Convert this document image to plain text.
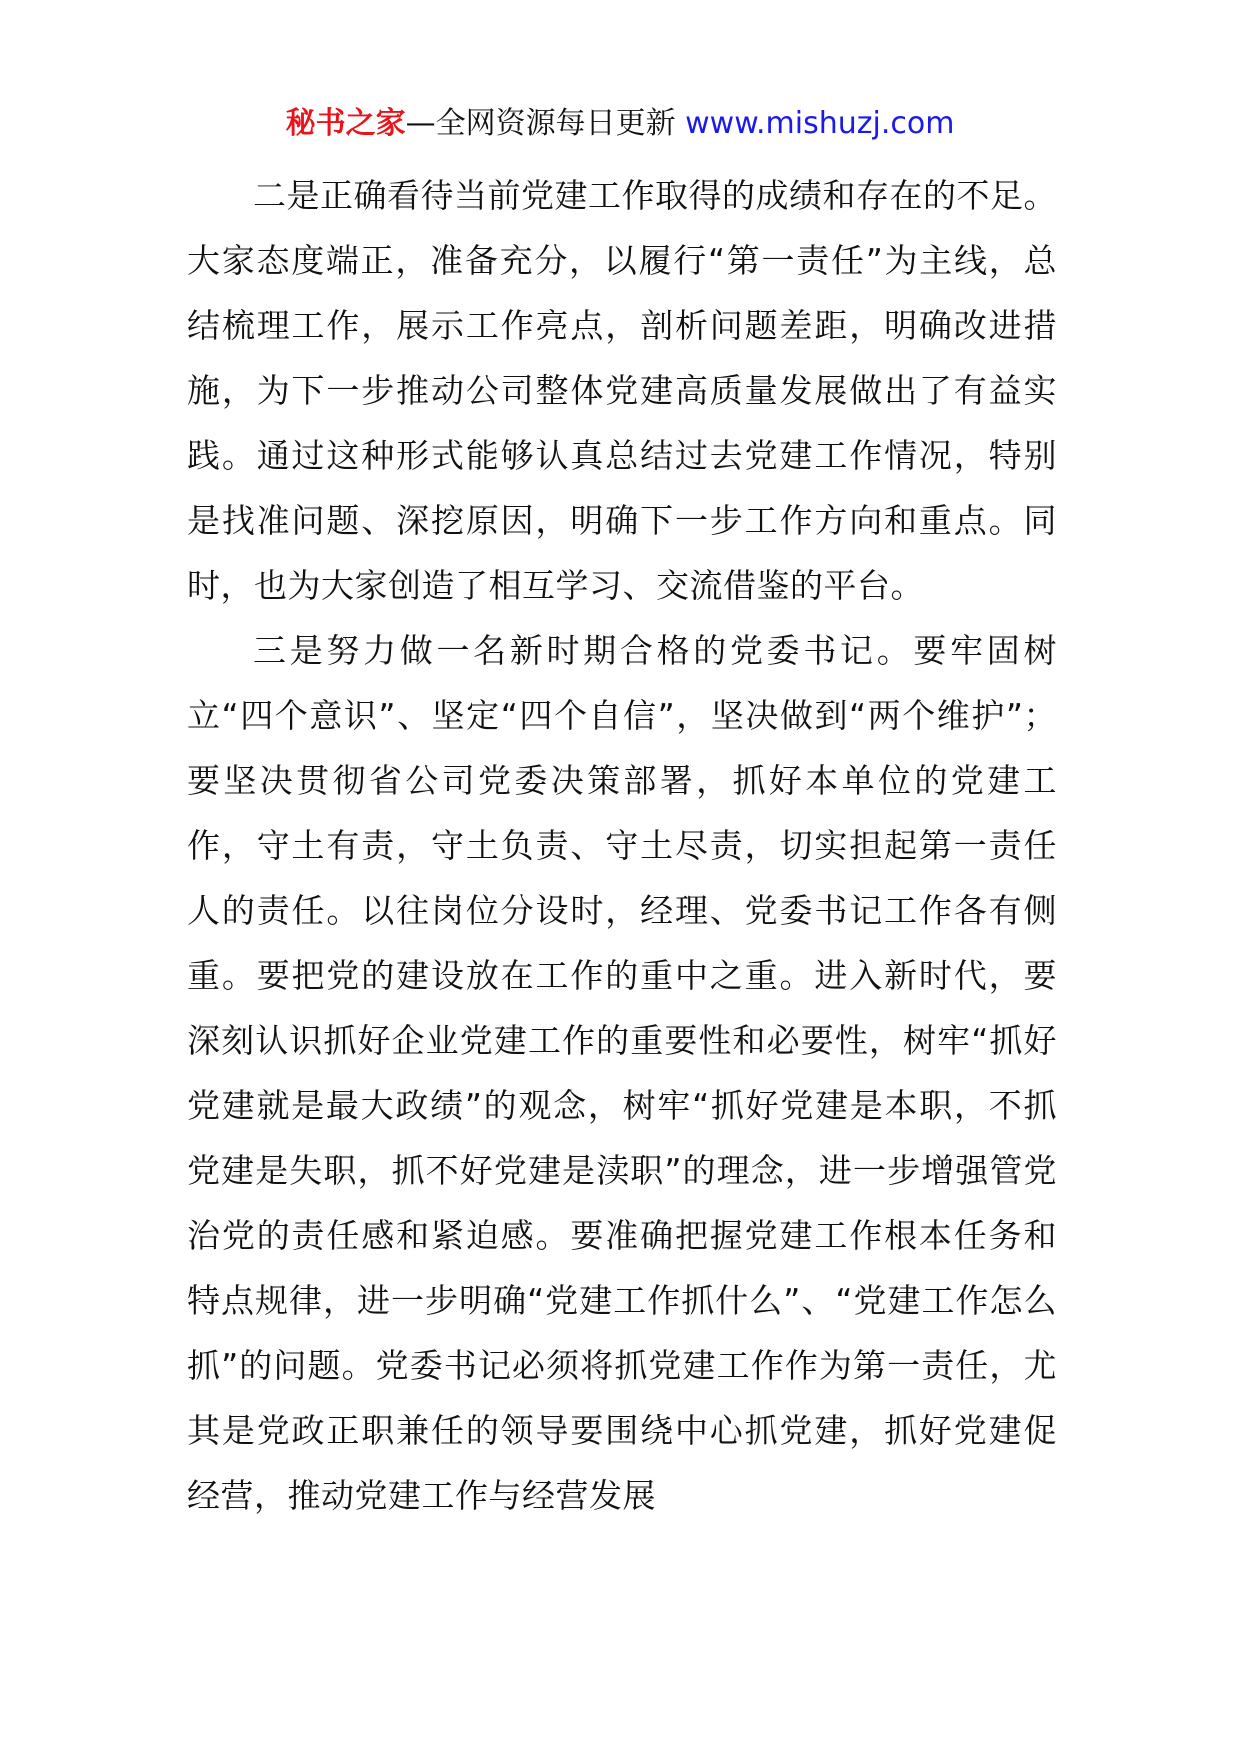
秘书之家—全网资源每日更新 www.mishuzj.com

二是正确看待当前党建工作取得的成绩和存在的不足。大家态度端正，准备充分，以履行“第一责任”为主线，总结梳理工作，展示工作亮点，剖析问题差距，明确改进措施，为下一步推动公司整体党建高质量发展做出了有益实践。通过这种形式能够认真总结过去党建工作情况，特别是找准问题、深挖原因，明确下一步工作方向和重点。同时，也为大家创造了相互学习、交流借鉴的平台。

三是努力做一名新时期合格的党委书记。要牢固树立“四个意识”、坚定“四个自信”，坚决做到“两个维护”；要坚决贯彻省公司党委决策部署，抓好本单位的党建工作，守土有责，守土负责、守土尽责，切实担起第一责任人的责任。以往岗位分设时，经理、党委书记工作各有侧重。要把党的建设放在工作的重中之重。进入新时代，要深刻认识抓好企业党建工作的重要性和必要性，树牢“抓好党建就是最大政绩”的观念，树牢“抓好党建是本职，不抓党建是失职，抓不好党建是渎职”的理念，进一步增强管党治党的责任感和紧迫感。要准确把握党建工作根本任务和特点规律，进一步明确“党建工作抓什么”、“党建工作怎么抓”的问题。党委书记必须将抓党建工作作为第一责任，尤其是党政正职兼任的领导要围绕中心抓党建，抓好党建促经营，推动党建工作与经营发展
